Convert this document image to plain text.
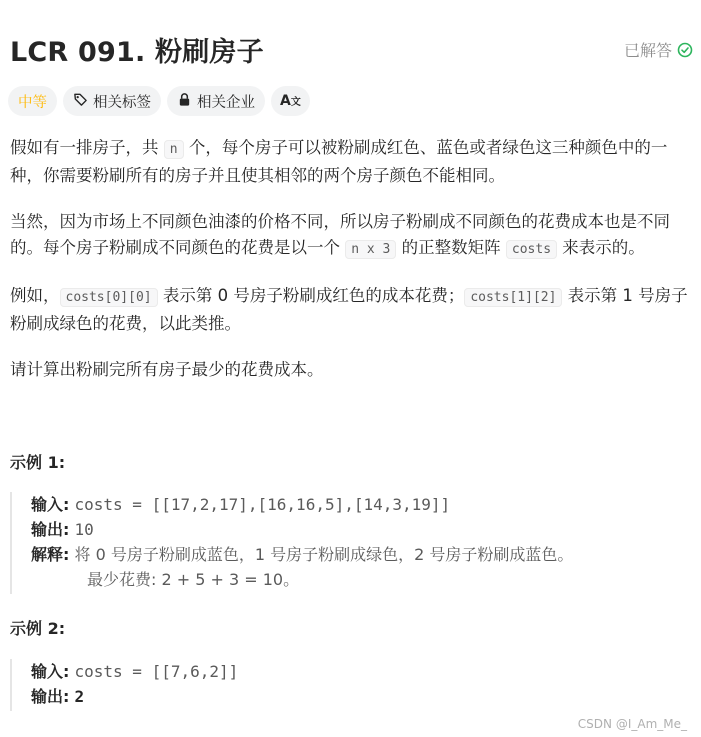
LCR 091. 粉刷房子	已解答
中等	相关标签	相关企业 A文

假如有一排房子，共 n 个，每个房子可以被粉刷成红色、蓝色或者绿色这三种颜色中的一种，你需要粉刷所有的房子并且使其相邻的两个房子颜色不能相同。

当然，因为市场上不同颜色油漆的价格不同，所以房子粉刷成不同颜色的花费成本也是不同的。每个房子粉刷成不同颜色的花费是以一个 n x 3 的正整数矩阵 costs 来表示的。

例如， costs[0][0] 表示第 0 号房子粉刷成红色的成本花费； costs[1][2] 表示第 1 号房子粉刷成绿色的花费，以此类推。

请计算出粉刷完所有房子最少的花费成本。

示例 1:
输入: costs = [[17,2,17],[16,16,5],[14,3,19]]
输出: 10
解释: 将 0 号房子粉刷成蓝色，1 号房子粉刷成绿色，2 号房子粉刷成蓝色。
最少花费: 2 + 5 + 3 = 10。
示例 2:
输入: costs = [[7,6,2]]
输出: 2
CSDN @I_Am_Me_
